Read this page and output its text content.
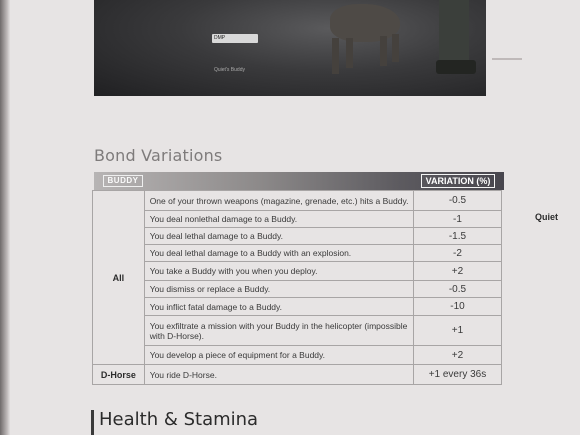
DMP
Quiet's Buddy
Bond Variations
BUDDY	VARIATION (%)
Quiet
All	One of your thrown weapons (magazine, grenade, etc.) hits a Buddy.	-0.5
	You deal nonlethal damage to a Buddy.	-1
	You deal lethal damage to a Buddy.	-1.5
	You deal lethal damage to a Buddy with an explosion.	-2
	You take a Buddy with you when you deploy.	+2
	You dismiss or replace a Buddy.	-0.5
	You inflict fatal damage to a Buddy.	-10
	You exfiltrate a mission with your Buddy in the helicopter (impossible with D-Horse).	+1
	You develop a piece of equipment for a Buddy.	+2
D-Horse	You ride D-Horse.	+1 every 36s
Health & Stamina
